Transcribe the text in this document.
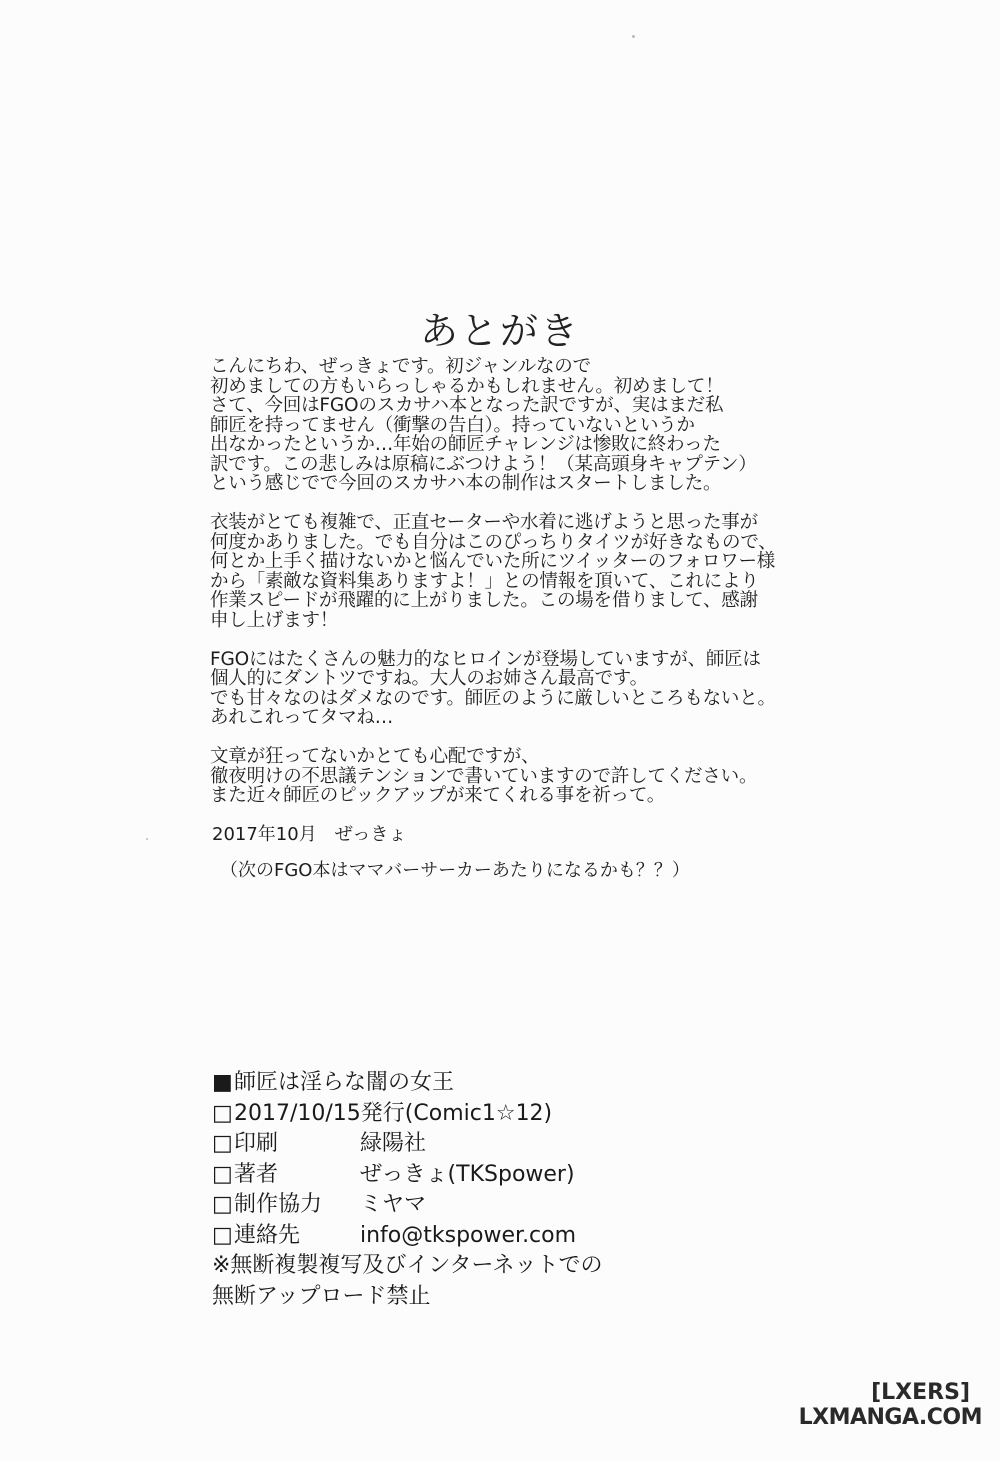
あとがき
こんにちわ、ぜっきょです。初ジャンルなので
初めましての方もいらっしゃるかもしれません。初めまして！
さて、今回はFGOのスカサハ本となった訳ですが、実はまだ私
師匠を持ってません（衝撃の告白）。持っていないというか
出なかったというか…年始の師匠チャレンジは惨敗に終わった
訳です。この悲しみは原稿にぶつけよう！（某高頭身キャプテン）
という感じでで今回のスカサハ本の制作はスタートしました。
衣装がとても複雑で、正直セーターや水着に逃げようと思った事が
何度かありました。でも自分はこのぴっちりタイツが好きなもので、
何とか上手く描けないかと悩んでいた所にツイッターのフォロワー様
から「素敵な資料集ありますよ！」との情報を頂いて、これにより
作業スピードが飛躍的に上がりました。この場を借りまして、感謝
申し上げます！
FGOにはたくさんの魅力的なヒロインが登場していますが、師匠は
個人的にダントツですね。大人のお姉さん最高です。
でも甘々なのはダメなのです。師匠のように厳しいところもないと。
あれこれってタマね…
文章が狂ってないかとても心配ですが、
徹夜明けの不思議テンションで書いていますので許してください。
また近々師匠のピックアップが来てくれる事を祈って。
2017年10月　ぜっきょ
（次のFGO本はママバーサーカーあたりになるかも？？）
■ 師匠は淫らな闇の女王
□ 2017/10/15発行(Comic1☆12)
□ 印刷	緑陽社
□ 著者	ぜっきょ(TKSpower)
□ 制作協力	ミヤマ
□ 連絡先	info@tkspower.com
※無断複製複写及びインターネットでの
無断アップロード禁止
[LXERS]
LXMANGA.COM
